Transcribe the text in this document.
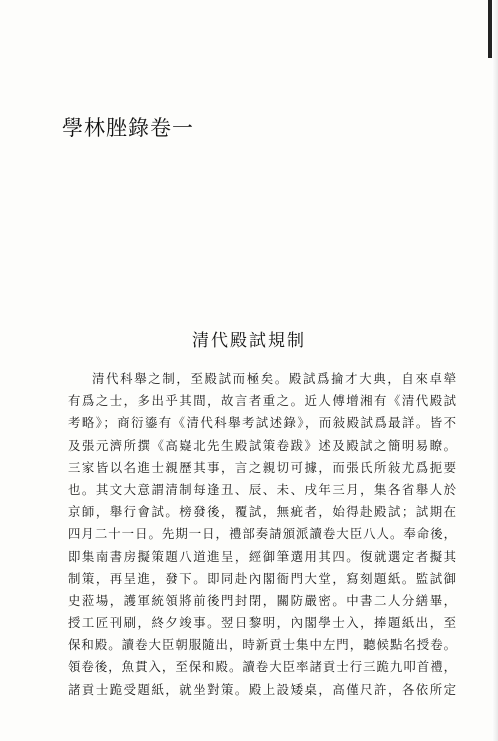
學林脞錄卷一
清代殿試規制
清代科舉之制，至殿試而極矣。殿試爲掄才大典，自來卓犖
有爲之士，多出乎其間，故言者重之。近人傅增湘有《清代殿試
考略》；商衍鎏有《清代科舉考試述錄》，而敍殿試爲最詳。皆不
及張元濟所撰《高嶷北先生殿試策卷跋》述及殿試之簡明易瞭。
三家皆以名進士親歷其事，言之親切可據，而張氏所敍尤爲扼要
也。其文大意謂清制每逢丑、辰、未、戌年三月，集各省舉人於
京師，舉行會試。榜發後，覆試，無疵者，始得赴殿試；試期在
四月二十一日。先期一日，禮部奏請頒派讀卷大臣八人。奉命後，
即集南書房擬策題八道進呈，經御筆選用其四。復就選定者擬其
制策，再呈進，發下。即同赴內閣衙門大堂，寫刻題紙。監試御
史蒞場，護軍統領將前後門封閉，關防嚴密。中書二人分繕畢，
授工匠刊刷，終夕竣事。翌日黎明，內閣學士入，捧題紙出，至
保和殿。讀卷大臣朝服隨出，時新貢士集中左門，聽候點名授卷。
領卷後，魚貫入，至保和殿。讀卷大臣率諸貢士行三跪九叩首禮，
諸貢士跪受題紙，就坐對策。殿上設矮桌，高僅尺許，各依所定
